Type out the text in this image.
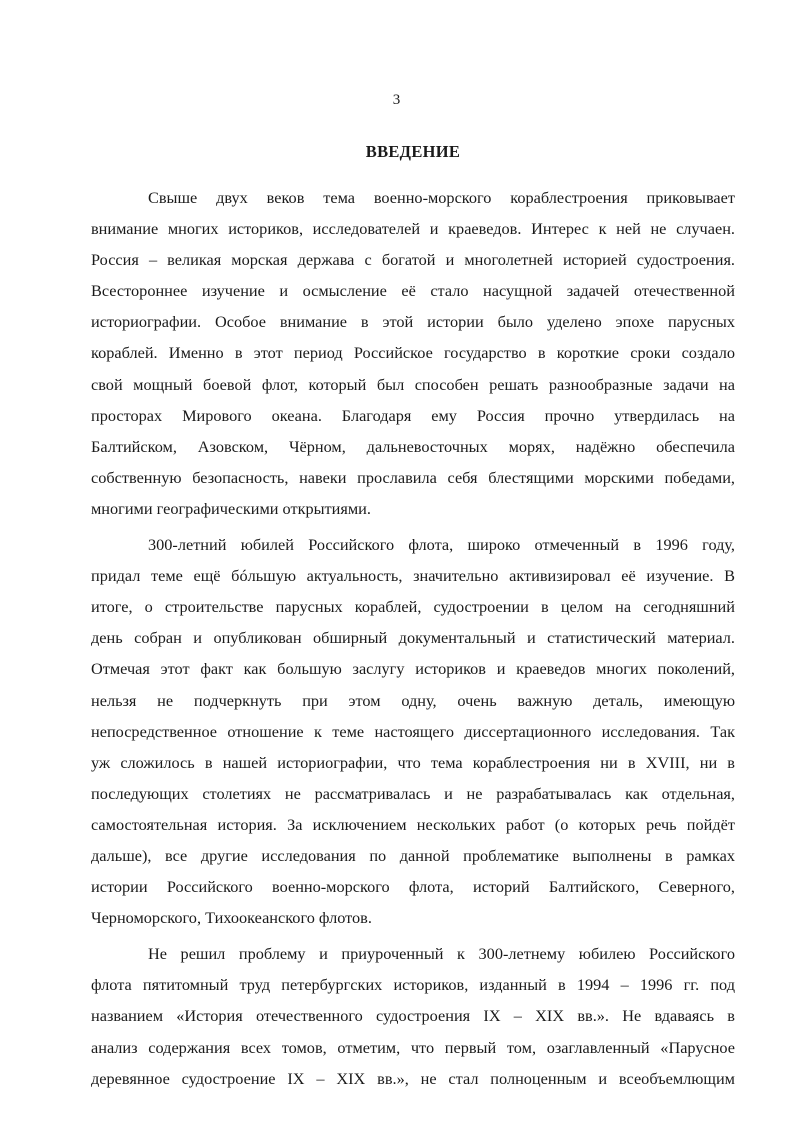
3
ВВЕДЕНИЕ
Свыше двух веков тема военно-морского кораблестроения приковывает
внимание многих историков, исследователей и краеведов. Интерес к ней не случаен.
Россия – великая морская держава с богатой и многолетней историей судостроения.
Всестороннее изучение и осмысление её стало насущной задачей отечественной
историографии. Особое внимание в этой истории было уделено эпохе парусных
кораблей. Именно в этот период Российское государство в короткие сроки создало
свой мощный боевой флот, который был способен решать разнообразные задачи на
просторах Мирового океана. Благодаря ему Россия прочно утвердилась на
Балтийском, Азовском, Чёрном, дальневосточных морях, надёжно обеспечила
собственную безопасность, навеки прославила себя блестящими морскими победами,
многими географическими открытиями.
300-летний юбилей Российского флота, широко отмеченный в 1996 году,
придал теме ещё бóльшую актуальность, значительно активизировал её изучение. В
итоге, о строительстве парусных кораблей, судостроении в целом на сегодняшний
день собран и опубликован обширный документальный и статистический материал.
Отмечая этот факт как большую заслугу историков и краеведов многих поколений,
нельзя не подчеркнуть при этом одну, очень важную деталь, имеющую
непосредственное отношение к теме настоящего диссертационного исследования. Так
уж сложилось в нашей историографии, что тема кораблестроения ни в XVIII, ни в
последующих столетиях не рассматривалась и не разрабатывалась как отдельная,
самостоятельная история. За исключением нескольких работ (о которых речь пойдёт
дальше), все другие исследования по данной проблематике выполнены в рамках
истории Российского военно-морского флота, историй Балтийского, Северного,
Черноморского, Тихоокеанского флотов.
Не решил проблему и приуроченный к 300-летнему юбилею Российского
флота пятитомный труд петербургских историков, изданный в 1994 – 1996 гг. под
названием «История отечественного судостроения IX – XIX вв.». Не вдаваясь в
анализ содержания всех томов, отметим, что первый том, озаглавленный «Парусное
деревянное судостроение IX – XIX вв.», не стал полноценным и всеобъемлющим
